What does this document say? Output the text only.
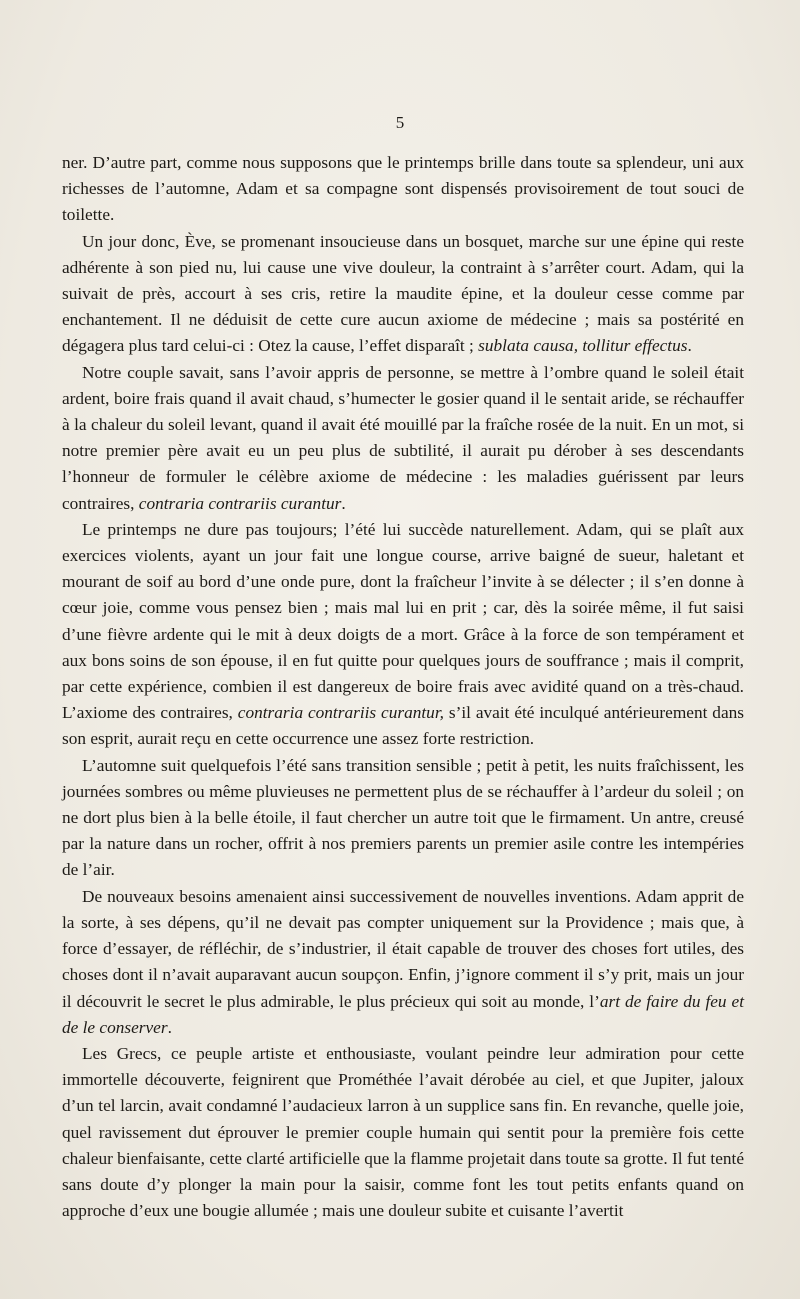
5

ner. D’autre part, comme nous supposons que le printemps brille dans toute sa splendeur, uni aux richesses de l’automne, Adam et sa compagne sont dispensés provisoirement de tout souci de toilette.

Un jour donc, Ève, se promenant insoucieuse dans un bosquet, marche sur une épine qui reste adhérente à son pied nu, lui cause une vive douleur, la contraint à s’arrêter court. Adam, qui la suivait de près, accourt à ses cris, retire la maudite épine, et la douleur cesse comme par enchantement. Il ne déduisit de cette cure aucun axiome de médecine ; mais sa postérité en dégagera plus tard celui-ci : Otez la cause, l’effet disparaît ; sublata causa, tollitur effectus.

Notre couple savait, sans l’avoir appris de personne, se mettre à l’ombre quand le soleil était ardent, boire frais quand il avait chaud, s’humecter le gosier quand il le sentait aride, se réchauffer à la chaleur du soleil levant, quand il avait été mouillé par la fraîche rosée de la nuit. En un mot, si notre premier père avait eu un peu plus de subtilité, il aurait pu dérober à ses descendants l’honneur de formuler le célèbre axiome de médecine : les maladies guérissent par leurs contraires, contraria contrariis curantur.

Le printemps ne dure pas toujours; l’été lui succède naturellement. Adam, qui se plaît aux exercices violents, ayant un jour fait une longue course, arrive baigné de sueur, haletant et mourant de soif au bord d’une onde pure, dont la fraîcheur l’invite à se délecter ; il s’en donne à cœur joie, comme vous pensez bien ; mais mal lui en prit ; car, dès la soirée même, il fut saisi d’une fièvre ardente qui le mit à deux doigts de a mort. Grâce à la force de son tempérament et aux bons soins de son épouse, il en fut quitte pour quelques jours de souffrance ; mais il comprit, par cette expérience, combien il est dangereux de boire frais avec avidité quand on a très-chaud. L’axiome des contraires, contraria contrariis curantur, s’il avait été inculqué antérieurement dans son esprit, aurait reçu en cette occurrence une assez forte restriction.

L’automne suit quelquefois l’été sans transition sensible ; petit à petit, les nuits fraîchissent, les journées sombres ou même pluvieuses ne permettent plus de se réchauffer à l’ardeur du soleil ; on ne dort plus bien à la belle étoile, il faut chercher un autre toit que le firmament. Un antre, creusé par la nature dans un rocher, offrit à nos premiers parents un premier asile contre les intempéries de l’air.

De nouveaux besoins amenaient ainsi successivement de nouvelles inventions. Adam apprit de la sorte, à ses dépens, qu’il ne devait pas compter uniquement sur la Providence ; mais que, à force d’essayer, de réfléchir, de s’industrier, il était capable de trouver des choses fort utiles, des choses dont il n’avait auparavant aucun soupçon. Enfin, j’ignore comment il s’y prit, mais un jour il découvrit le secret le plus admirable, le plus précieux qui soit au monde, l’art de faire du feu et de le conserver.

Les Grecs, ce peuple artiste et enthousiaste, voulant peindre leur admiration pour cette immortelle découverte, feignirent que Prométhée l’avait dérobée au ciel, et que Jupiter, jaloux d’un tel larcin, avait condamné l’audacieux larron à un supplice sans fin. En revanche, quelle joie, quel ravissement dut éprouver le premier couple humain qui sentit pour la première fois cette chaleur bienfaisante, cette clarté artificielle que la flamme projetait dans toute sa grotte. Il fut tenté sans doute d’y plonger la main pour la saisir, comme font les tout petits enfants quand on approche d’eux une bougie allumée ; mais une douleur subite et cuisante l’avertit
